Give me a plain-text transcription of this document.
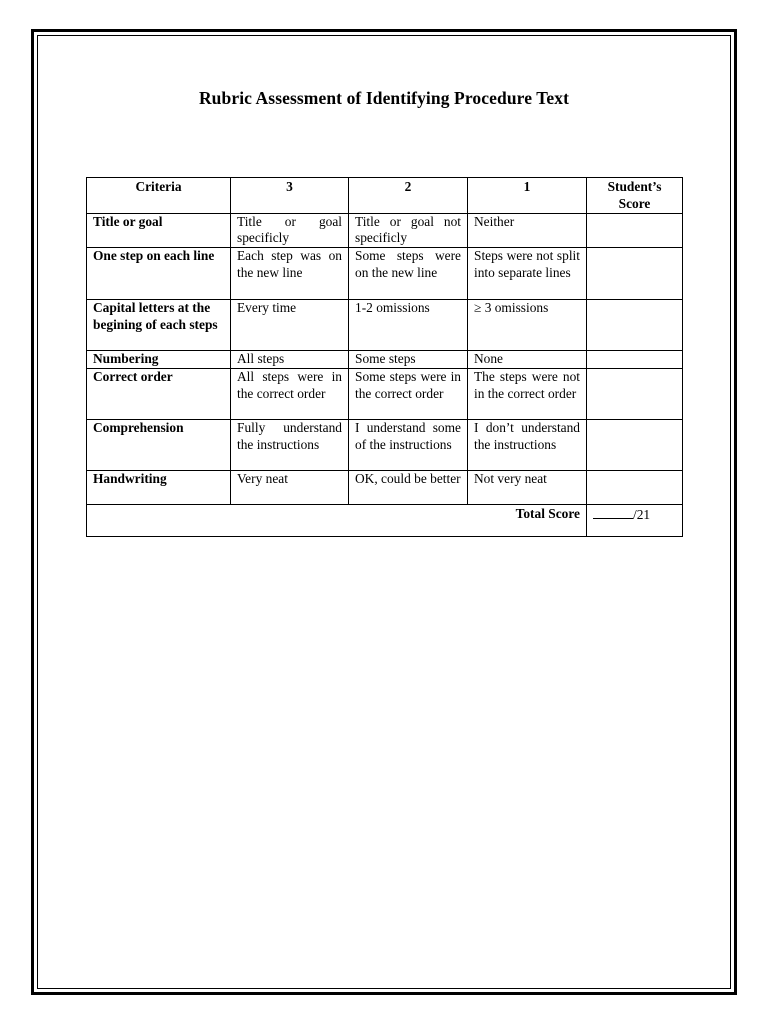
Rubric Assessment of Identifying Procedure Text
Criteria	3	2	1	Student’s Score
Title or goal	Title or goal specificly	Title or goal not specificly	Neither	
One step on each line	Each step was on the new line	Some steps were on the new line	Steps were not split into separate lines	
Capital letters at the begining of each steps	Every time	1-2 omissions	≥ 3 omissions	
Numbering	All steps	Some steps	None	
Correct order	All steps were in the correct order	Some steps were in the correct order	The steps were not in the correct order	
Comprehension	Fully understand the instructions	I understand some of the instructions	I don’t understand the instructions	
Handwriting	Very neat	OK, could be better	Not very neat	
Total Score				/21
